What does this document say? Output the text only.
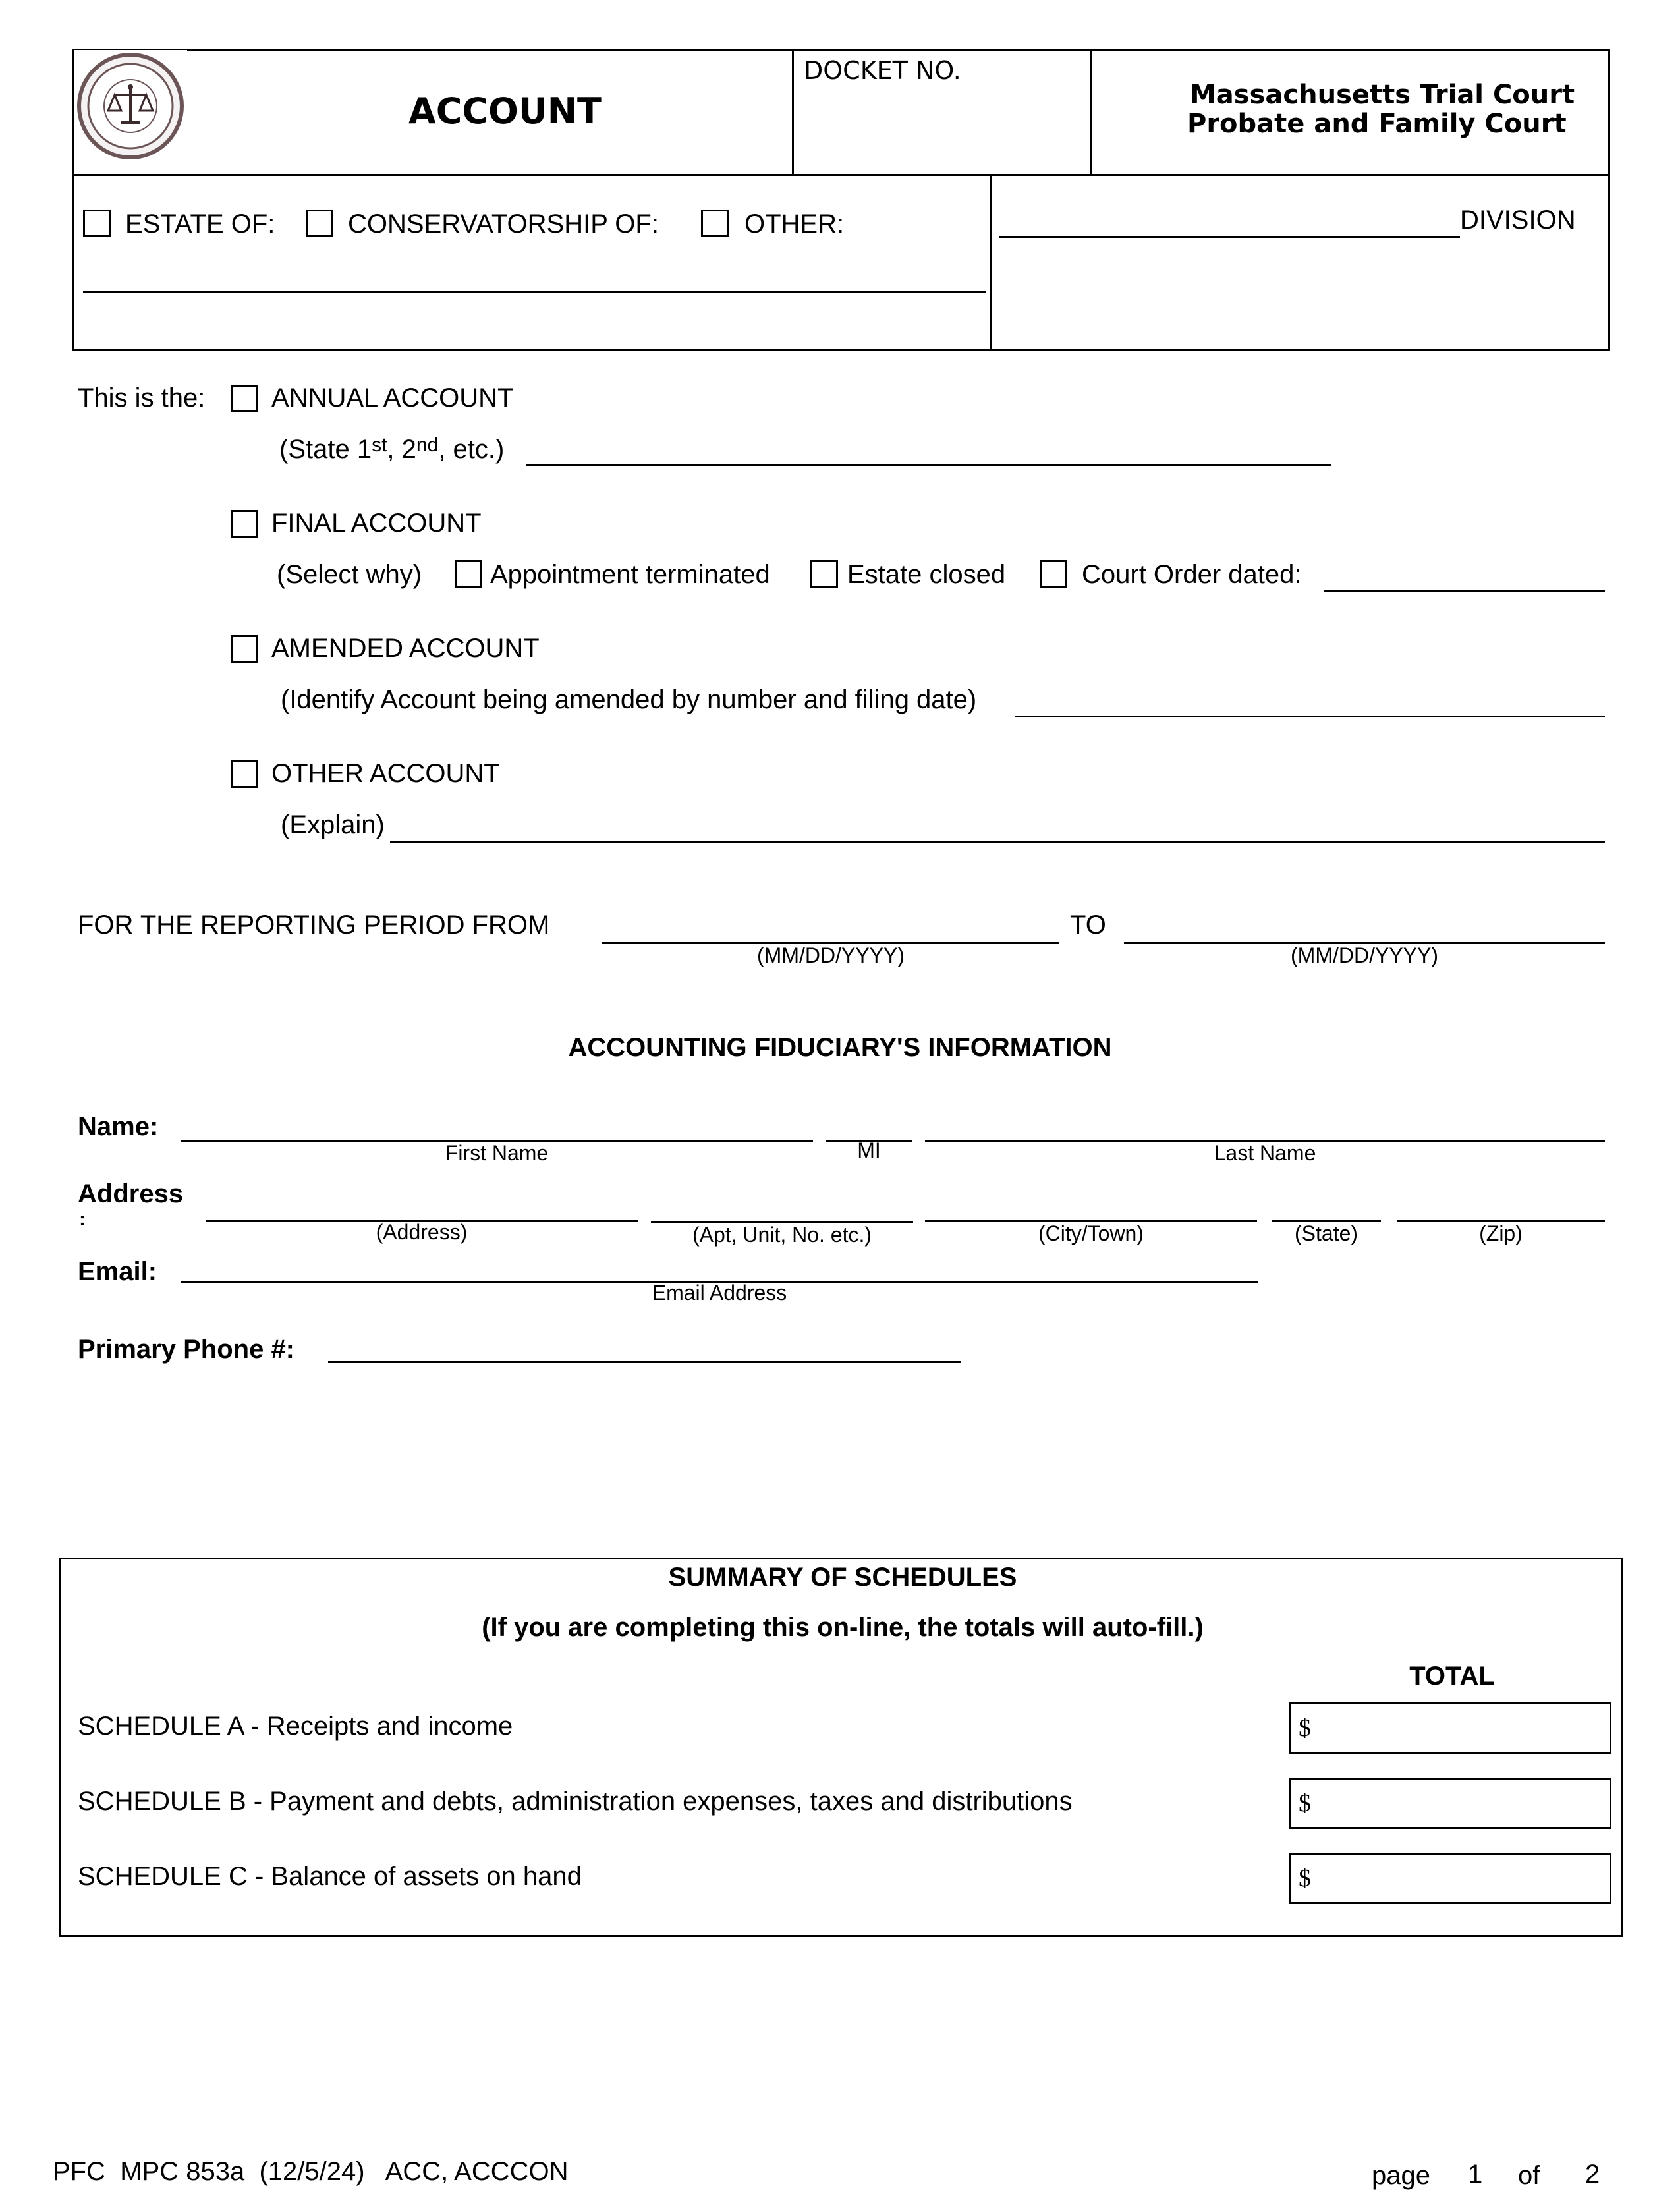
ACCOUNT
DOCKET NO.
Massachusetts Trial Court
Probate and Family Court
ESTATE OF:	CONSERVATORSHIP OF:	OTHER:	DIVISION
This is the:	ANNUAL ACCOUNT
(State 1st, 2nd, etc.)
FINAL ACCOUNT
(Select why)	Appointment terminated	Estate closed	Court Order dated:
AMENDED ACCOUNT
(Identify Account being amended by number and filing date)
OTHER ACCOUNT
(Explain)
FOR THE REPORTING PERIOD FROM
(MM/DD/YYYY)
TO
(MM/DD/YYYY)
ACCOUNTING FIDUCIARY'S INFORMATION
Name:
First Name	MI	Last Name
Address
:
(Address)	(Apt, Unit, No. etc.)	(City/Town)	(State)	(Zip)
Email:
Email Address
Primary Phone #:
SUMMARY OF SCHEDULES
(If you are completing this on-line, the totals will auto-fill.)
TOTAL
SCHEDULE A - Receipts and income	$
SCHEDULE B - Payment and debts, administration expenses, taxes and distributions	$
SCHEDULE C - Balance of assets on hand	$
PFC  MPC 853a  (12/5/24)   ACC, ACCCON	page 1 of 2
